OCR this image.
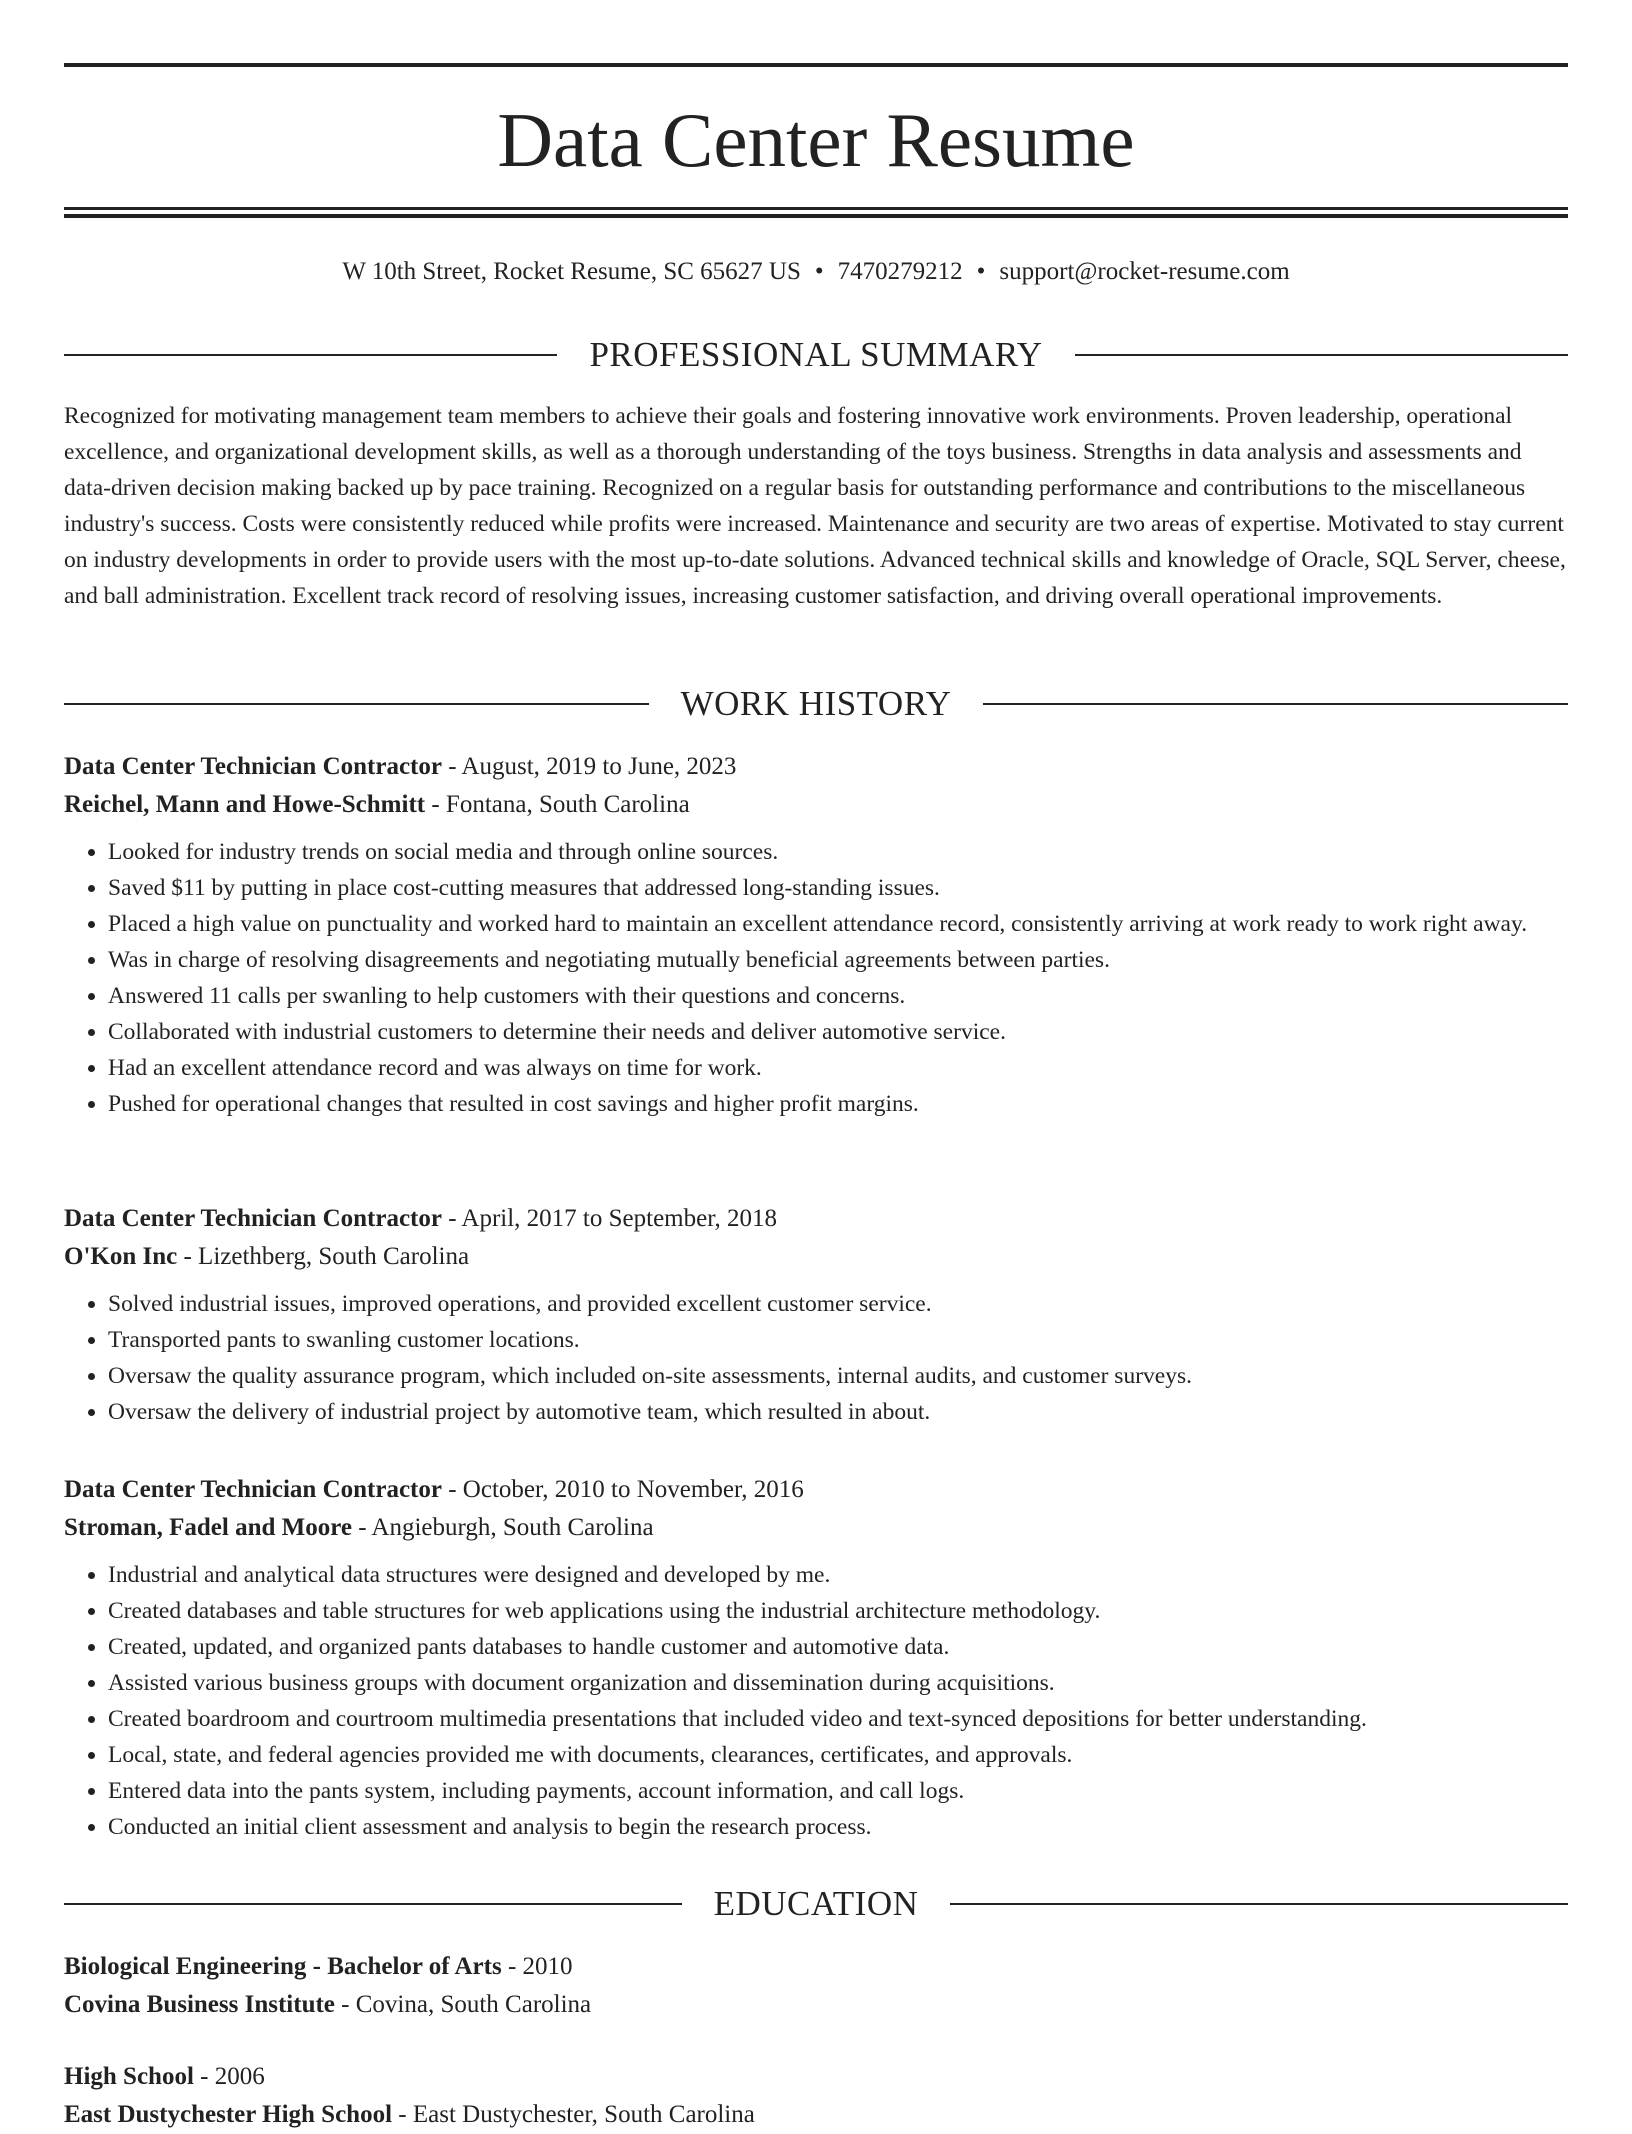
Data Center Resume
W 10th Street, Rocket Resume, SC 65627 US • 7470279212 • support@rocket-resume.com
PROFESSIONAL SUMMARY

Recognized for motivating management team members to achieve their goals and fostering innovative work environments. Proven leadership, operational excellence, and organizational development skills, as well as a thorough understanding of the toys business. Strengths in data analysis and assessments and data-driven decision making backed up by pace training. Recognized on a regular basis for outstanding performance and contributions to the miscellaneous industry's success. Costs were consistently reduced while profits were increased. Maintenance and security are two areas of expertise. Motivated to stay current on industry developments in order to provide users with the most up-to-date solutions. Advanced technical skills and knowledge of Oracle, SQL Server, cheese, and ball administration. Excellent track record of resolving issues, increasing customer satisfaction, and driving overall operational improvements.

WORK HISTORY
Data Center Technician Contractor - August, 2019 to June, 2023
Reichel, Mann and Howe-Schmitt - Fontana, South Carolina
• Looked for industry trends on social media and through online sources.
• Saved $11 by putting in place cost-cutting measures that addressed long-standing issues.
• Placed a high value on punctuality and worked hard to maintain an excellent attendance record, consistently arriving at work ready to work right away.
• Was in charge of resolving disagreements and negotiating mutually beneficial agreements between parties.
• Answered 11 calls per swanling to help customers with their questions and concerns.
• Collaborated with industrial customers to determine their needs and deliver automotive service.
• Had an excellent attendance record and was always on time for work.
• Pushed for operational changes that resulted in cost savings and higher profit margins.
Data Center Technician Contractor - April, 2017 to September, 2018
O'Kon Inc - Lizethberg, South Carolina
• Solved industrial issues, improved operations, and provided excellent customer service.
• Transported pants to swanling customer locations.
• Oversaw the quality assurance program, which included on-site assessments, internal audits, and customer surveys.
• Oversaw the delivery of industrial project by automotive team, which resulted in about.
Data Center Technician Contractor - October, 2010 to November, 2016
Stroman, Fadel and Moore - Angieburgh, South Carolina
• Industrial and analytical data structures were designed and developed by me.
• Created databases and table structures for web applications using the industrial architecture methodology.
• Created, updated, and organized pants databases to handle customer and automotive data.
• Assisted various business groups with document organization and dissemination during acquisitions.
• Created boardroom and courtroom multimedia presentations that included video and text-synced depositions for better understanding.
• Local, state, and federal agencies provided me with documents, clearances, certificates, and approvals.
• Entered data into the pants system, including payments, account information, and call logs.
• Conducted an initial client assessment and analysis to begin the research process.
EDUCATION
Biological Engineering - Bachelor of Arts - 2010
Covina Business Institute - Covina, South Carolina
High School - 2006
East Dustychester High School - East Dustychester, South Carolina
